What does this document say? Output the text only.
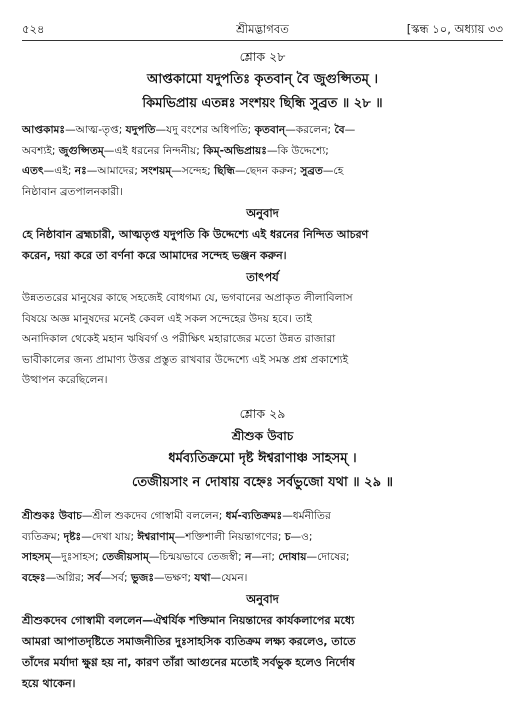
৫২৪	শ্রীমদ্ভাগবত	[স্কন্ধ ১০, অধ্যায় ৩৩
শ্লোক ২৮
আপ্তকামো যদুপতিঃ কৃতবান্ বৈ জুগুপ্সিতম্ ।
কিমভিপ্রায় এতন্নঃ সংশয়ং ছিন্ধি সুব্রত ॥ ২৮ ॥
আপ্তকামঃ—আত্ম-তৃপ্ত; যদুপতি—যদু বংশের অধিপতি; কৃতবান্—করলেন; বৈ—
অবশ্যই; জুগুপ্সিতম্—এই ধরনের নিন্দনীয়; কিম্-অভিপ্রায়ঃ—কি উদ্দেশ্যে;
এতৎ—এই; নঃ—আমাদের; সংশয়ম্—সন্দেহ; ছিন্ধি—ছেদন করুন; সুব্রত—হে
নিষ্ঠাবান ব্রতপালনকারী।
অনুবাদ
হে নিষ্ঠাবান ব্রহ্মচারী, আত্মতৃপ্ত যদুপতি কি উদ্দেশ্যে এই ধরনের নিন্দিত আচরণ
করেন, দয়া করে তা বর্ণনা করে আমাদের সন্দেহ ভঞ্জন করুন।
তাৎপর্য
উন্নততরের মানুষের কাছে সহজেই বোধগম্য যে, ভগবানের অপ্রাকৃত লীলাবিলাস
বিষয়ে অজ্ঞ মানুষদের মনেই কেবল এই সকল সন্দেহের উদয় হবে। তাই
অনাদিকাল থেকেই মহান ঋষিবর্গ ও পরীক্ষিৎ মহারাজের মতো উন্নত রাজারা
ভাবীকালের জন্য প্রামাণ্য উত্তর প্রস্তুত রাখবার উদ্দেশ্যে এই সমস্ত প্রশ্ন প্রকাশ্যেই
উত্থাপন করেছিলেন।
শ্লোক ২৯
শ্রীশুক উবাচ
ধর্মব্যতিক্রমো দৃষ্ট ঈশ্বরাণাঞ্চ সাহসম্ ।
তেজীয়সাং ন দোষায় বহ্নেঃ সর্বভুজো যথা ॥ ২৯ ॥
শ্রীশুকঃ উবাচ—শ্রীল শুকদেব গোস্বামী বললেন; ধর্ম-ব্যতিক্রমঃ—ধর্মনীতির
ব্যতিক্রম; দৃষ্টঃ—দেখা যায়; ঈশ্বরাণাম্—শক্তিশালী নিয়ন্তাগণের; চ—ও;
সাহসম্—দুঃসাহস; তেজীয়সাম্—চিন্ময়ভাবে তেজস্বী; ন—না; দোষায়—দোষের;
বহ্নেঃ—অগ্নির; সর্ব—সর্ব; ভুজঃ—ভক্ষণ; যথা—যেমন।
অনুবাদ
শ্রীশুকদেব গোস্বামী বললেন—ঐশ্বর্যিক শক্তিমান নিয়ন্তাদের কার্যকলাপের মধ্যে
আমরা আপাতদৃষ্টিতে সমাজনীতির দুঃসাহসিক ব্যতিক্রম লক্ষ্য করলেও, তাতে
তাঁদের মর্যাদা ক্ষুণ্ণ হয় না, কারণ তাঁরা আগুনের মতোই সর্বভুক হলেও নির্দোষ
হয়ে থাকেন।
